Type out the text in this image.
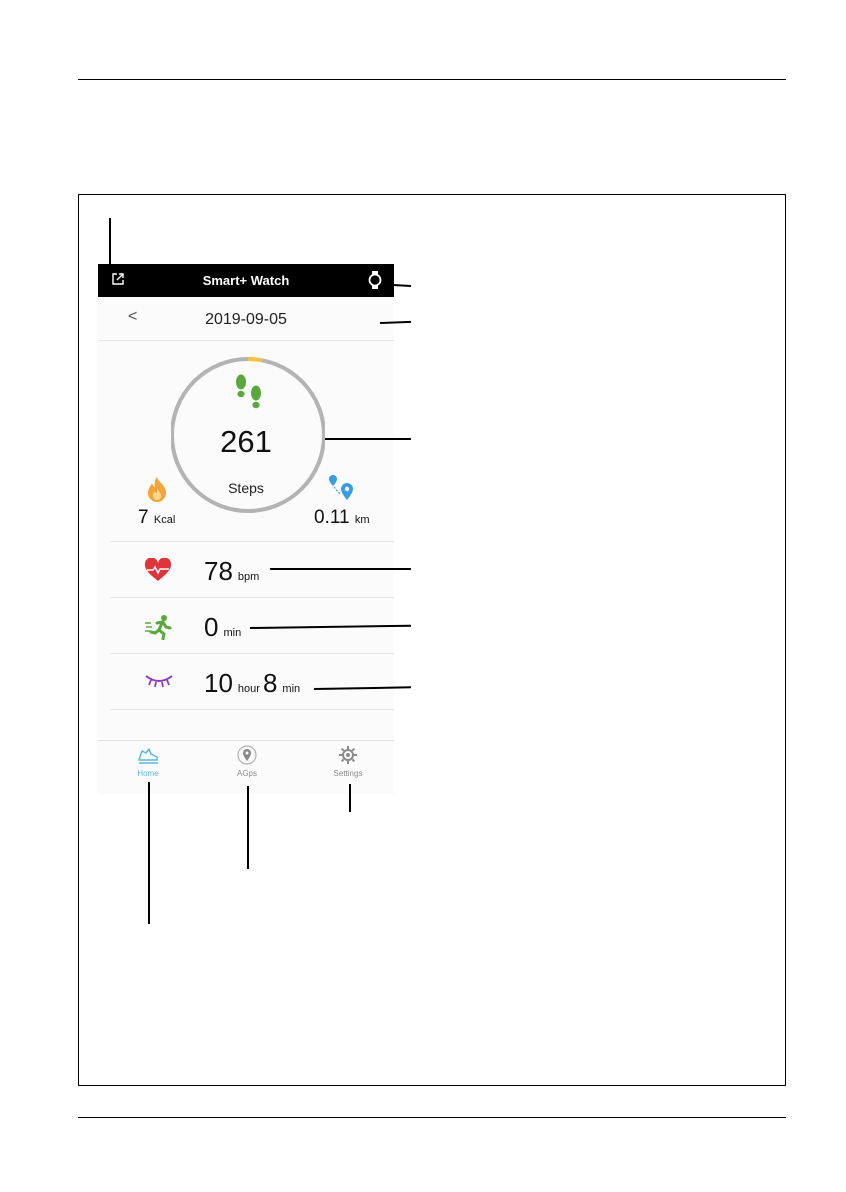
Smart+ Watch
<	2019-09-05
261
Steps
7 Kcal	0.11 km
78 bpm
0 min
10 hour 8 min
Home	AGps	Settings
